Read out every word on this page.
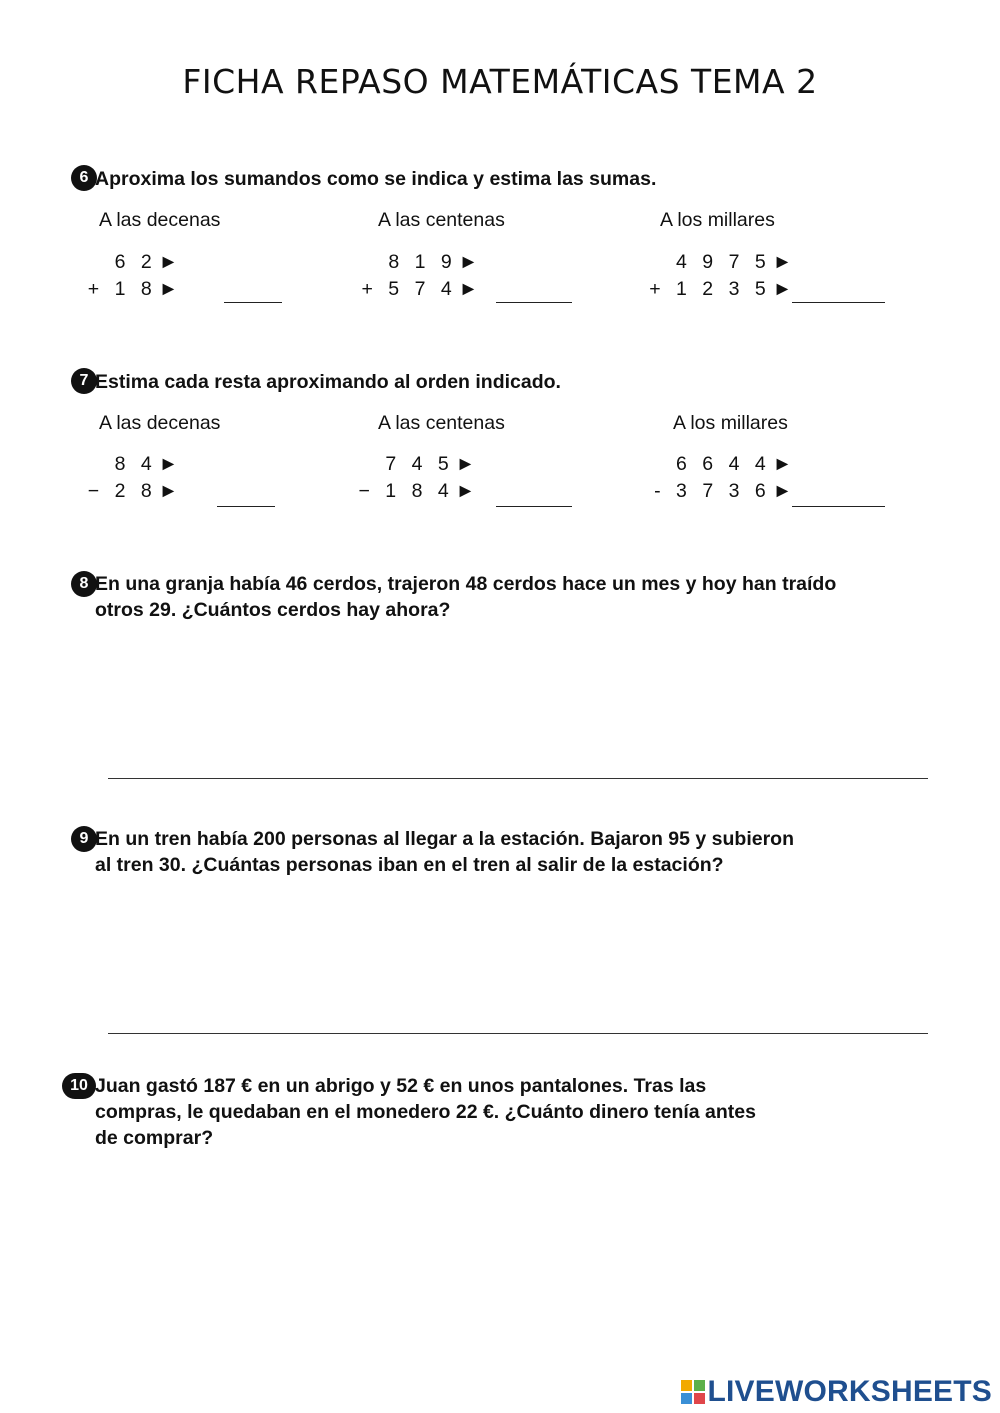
FICHA REPASO MATEMÁTICAS TEMA 2
6 Aproxima los sumandos como se indica y estima las sumas.
A las decenas	A las centenas	A los millares
6 2 ►
+ 1 8 ►
8 1 9 ►
+ 5 7 4 ►
4 9 7 5 ►
+ 1 2 3 5 ►
7 Estima cada resta aproximando al orden indicado.
A las decenas	A las centenas	A los millares
8 4 ►
− 2 8 ►
7 4 5 ►
− 1 8 4 ►
6 6 4 4 ►
- 3 7 3 6 ►
8 En una granja había 46 cerdos, trajeron 48 cerdos hace un mes y hoy han traído
otros 29. ¿Cuántos cerdos hay ahora?
9 En un tren había 200 personas al llegar a la estación. Bajaron 95 y subieron
al tren 30. ¿Cuántas personas iban en el tren al salir de la estación?
10 Juan gastó 187 € en un abrigo y 52 € en unos pantalones. Tras las
compras, le quedaban en el monedero 22 €. ¿Cuánto dinero tenía antes
de comprar?
LIVEWORKSHEETS
